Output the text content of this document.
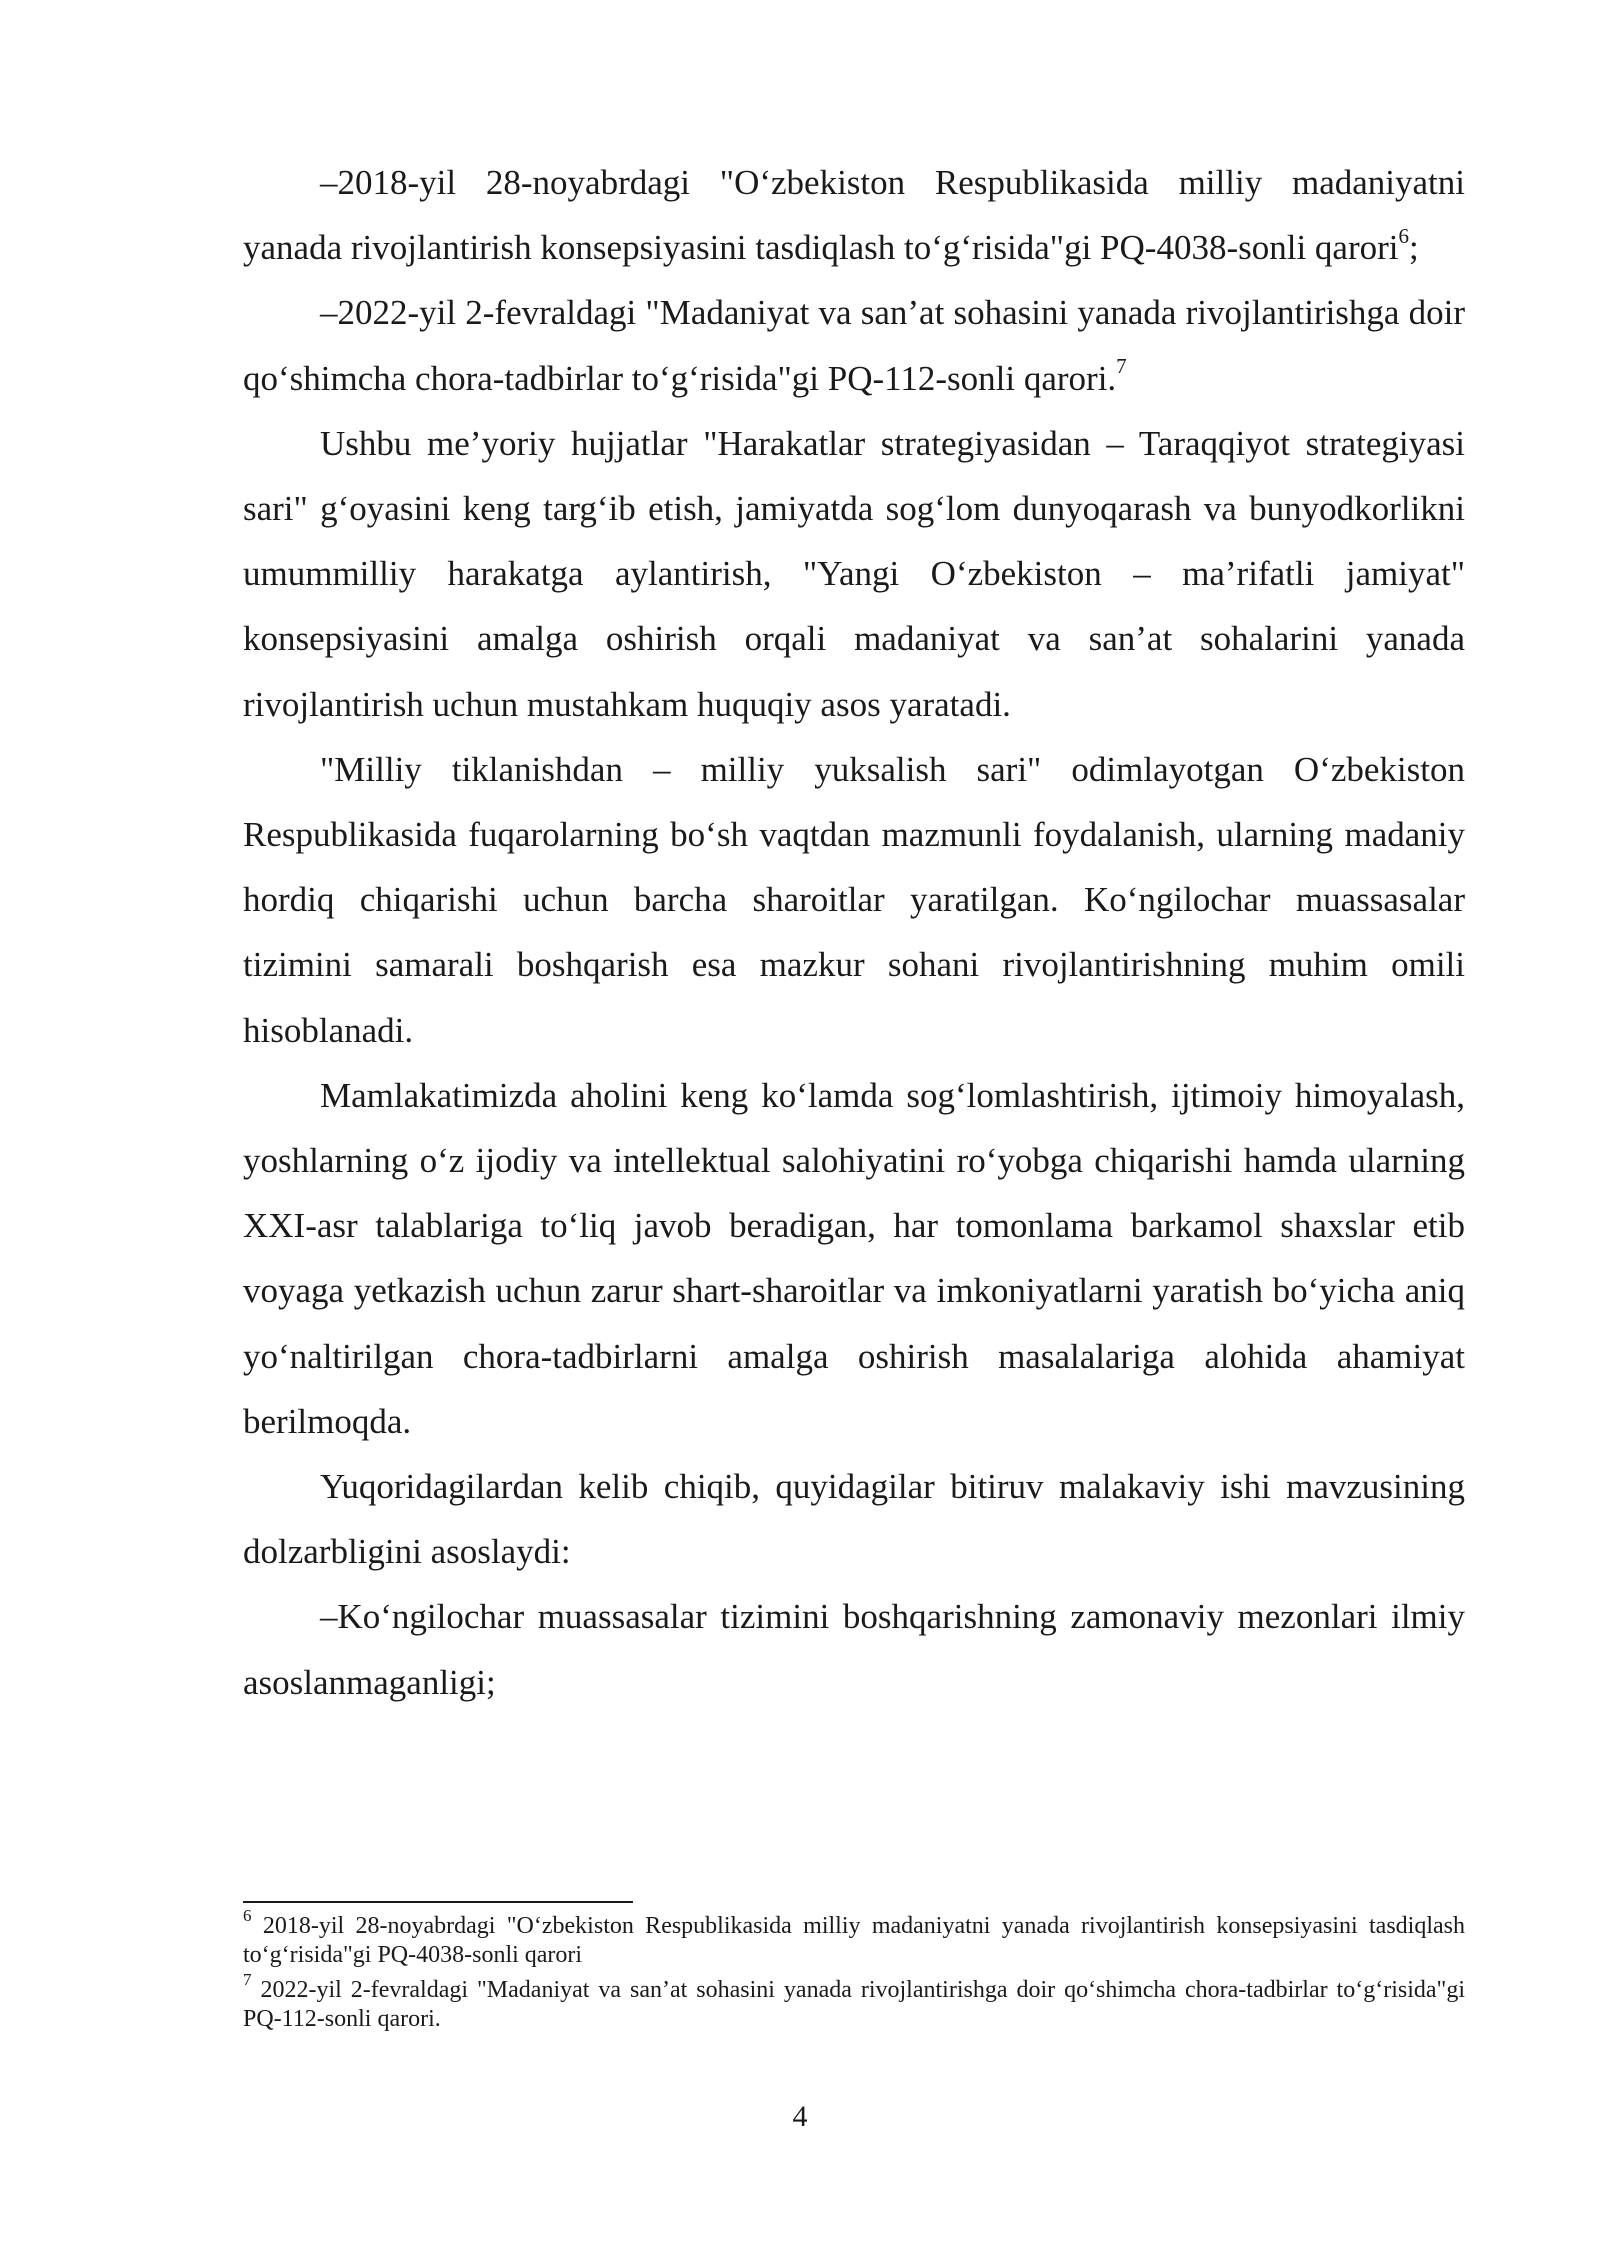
–2018-yil 28-noyabrdagi "O‘zbekiston Respublikasida milliy madaniyatni yanada rivojlantirish konsepsiyasini tasdiqlash to‘g‘risida"gi PQ-4038-sonli qarori$^6$;

–2022-yil 2-fevraldagi "Madaniyat va san’at sohasini yanada rivojlantirishga doir qo‘shimcha chora-tadbirlar to‘g‘risida"gi PQ-112-sonli qarori.$^7$

Ushbu me’yoriy hujjatlar "Harakatlar strategiyasidan – Taraqqiyot strategiyasi sari" g‘oyasini keng targ‘ib etish, jamiyatda sog‘lom dunyoqarash va bunyodkorlikni umummilliy harakatga aylantirish, "Yangi O‘zbekiston – ma’rifatli jamiyat" konsepsiyasini amalga oshirish orqali madaniyat va san’at sohalarini yanada rivojlantirish uchun mustahkam huquqiy asos yaratadi.

"Milliy tiklanishdan – milliy yuksalish sari" odimlayotgan O‘zbekiston Respublikasida fuqarolarning bo‘sh vaqtdan mazmunli foydalanish, ularning madaniy hordiq chiqarishi uchun barcha sharoitlar yaratilgan. Ko‘ngilochar muassasalar tizimini samarali boshqarish esa mazkur sohani rivojlantirishning muhim omili hisoblanadi.

Mamlakatimizda aholini keng ko‘lamda sog‘lomlashtirish, ijtimoiy himoyalash, yoshlarning o‘z ijodiy va intellektual salohiyatini ro‘yobga chiqarishi hamda ularning XXI-asr talablariga to‘liq javob beradigan, har tomonlama barkamol shaxslar etib voyaga yetkazish uchun zarur shart-sharoitlar va imkoniyatlarni yaratish bo‘yicha aniq yo‘naltirilgan chora-tadbirlarni amalga oshirish masalalariga alohida ahamiyat berilmoqda.

Yuqoridagilardan kelib chiqib, quyidagilar bitiruv malakaviy ishi mavzusining dolzarbligini asoslaydi:

–Ko‘ngilochar muassasalar tizimini boshqarishning zamonaviy mezonlari ilmiy asoslanmaganligi;

$^6$ 2018-yil 28-noyabrdagi "O‘zbekiston Respublikasida milliy madaniyatni yanada rivojlantirish konsepsiyasini tasdiqlash to‘g‘risida"gi PQ-4038-sonli qarori

$^7$ 2022-yil 2-fevraldagi "Madaniyat va san’at sohasini yanada rivojlantirishga doir qo‘shimcha chora-tadbirlar to‘g‘risida"gi PQ-112-sonli qarori.

4
